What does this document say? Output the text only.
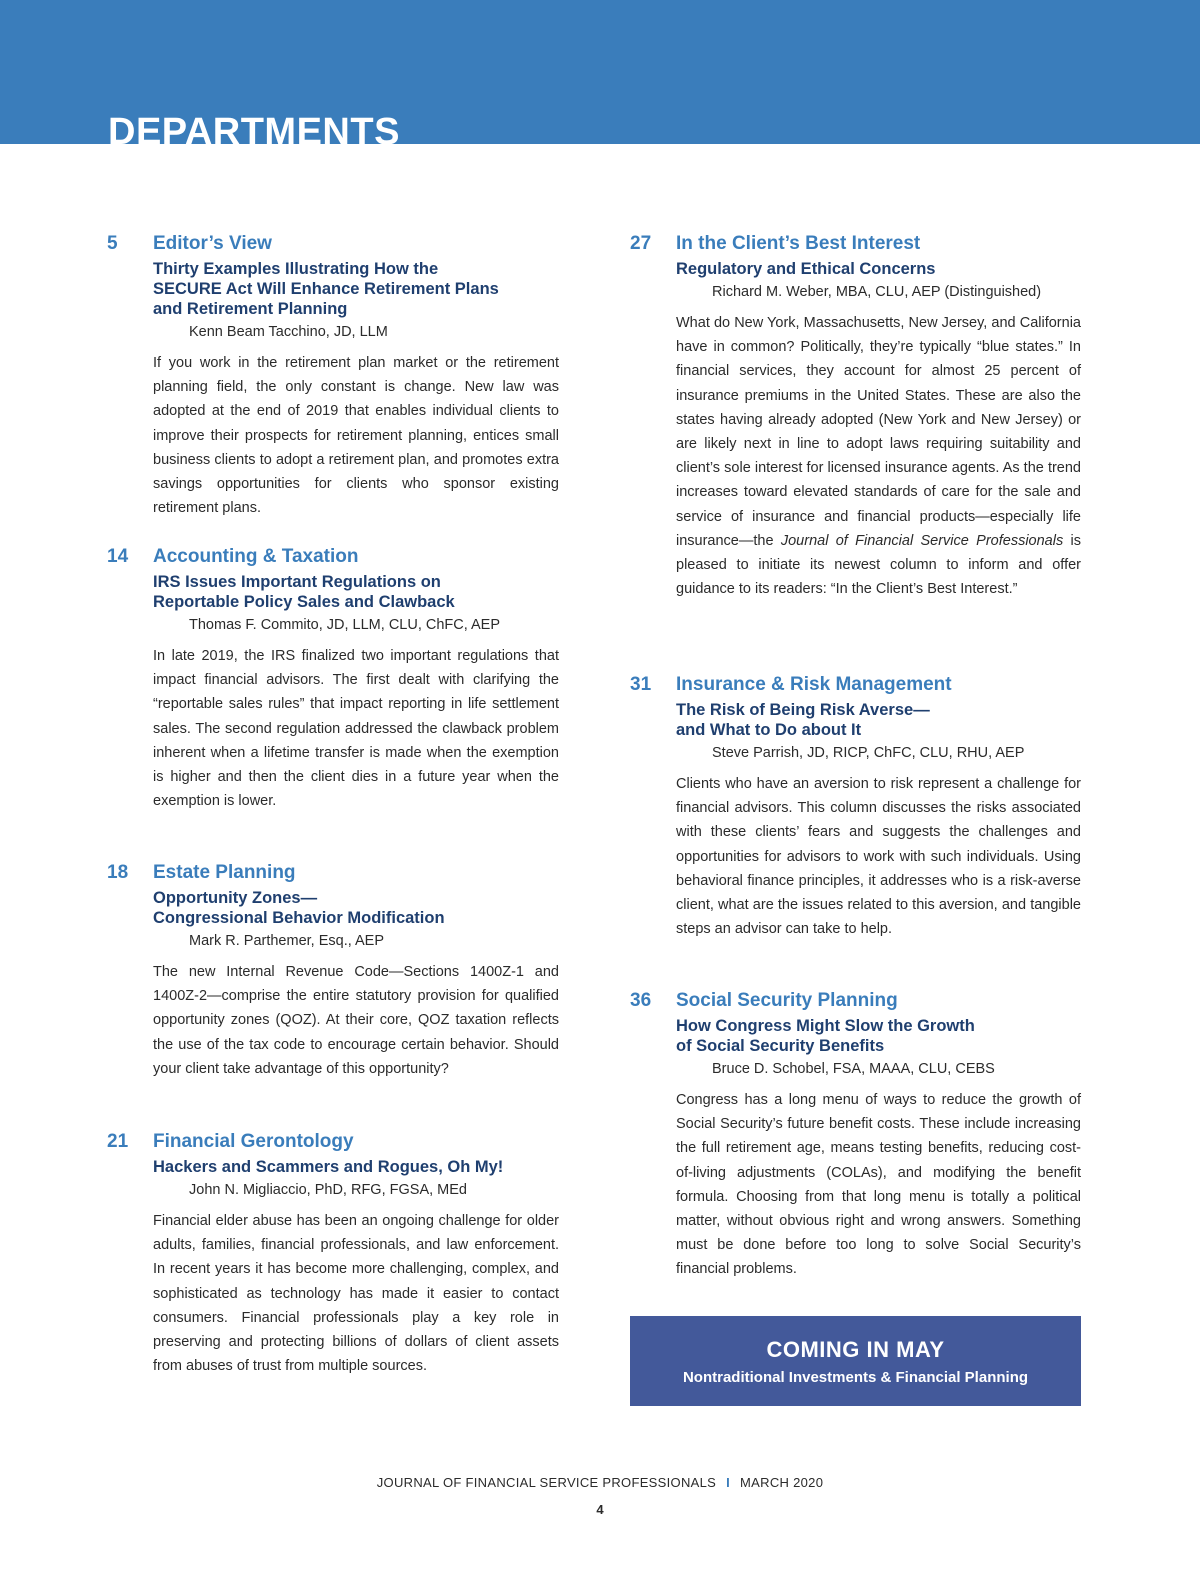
DEPARTMENTS
5	Editor’s View
Thirty Examples Illustrating How the
SECURE Act Will Enhance Retirement Plans
and Retirement Planning
Kenn Beam Tacchino, JD, LLM

If you work in the retirement plan market or the retirement planning field, the only constant is change. New law was adopted at the end of 2019 that enables individual clients to improve their prospects for retirement planning, entices small business clients to adopt a retirement plan, and promotes extra savings opportunities for clients who sponsor existing retirement plans.

14	Accounting & Taxation
IRS Issues Important Regulations on
Reportable Policy Sales and Clawback
Thomas F. Commito, JD, LLM, CLU, ChFC, AEP

In late 2019, the IRS finalized two important regulations that impact financial advisors. The first dealt with clarifying the “reportable sales rules” that impact reporting in life settlement sales. The second regulation addressed the clawback problem inherent when a lifetime transfer is made when the exemption is higher and then the client dies in a future year when the exemption is lower.

18	Estate Planning
Opportunity Zones—
Congressional Behavior Modification
Mark R. Parthemer, Esq., AEP

The new Internal Revenue Code—Sections 1400Z-1 and 1400Z-2—comprise the entire statutory provision for qualified opportunity zones (QOZ). At their core, QOZ taxation reflects the use of the tax code to encourage certain behavior. Should your client take advantage of this opportunity?

21	Financial Gerontology
Hackers and Scammers and Rogues, Oh My!
John N. Migliaccio, PhD, RFG, FGSA, MEd

Financial elder abuse has been an ongoing challenge for older adults, families, financial professionals, and law enforcement. In recent years it has become more challenging, complex, and sophisticated as technology has made it easier to contact consumers. Financial professionals play a key role in preserving and protecting billions of dollars of client assets from abuses of trust from multiple sources.

27	In the Client’s Best Interest
Regulatory and Ethical Concerns
Richard M. Weber, MBA, CLU, AEP (Distinguished)

What do New York, Massachusetts, New Jersey, and California have in common? Politically, they’re typically “blue states.” In financial services, they account for almost 25 percent of insurance premiums in the United States. These are also the states having already adopted (New York and New Jersey) or are likely next in line to adopt laws requiring suitability and client’s sole interest for licensed insurance agents. As the trend increases toward elevated standards of care for the sale and service of insurance and financial products—especially life insurance—the Journal of Financial Service Professionals is pleased to initiate its newest column to inform and offer guidance to its readers: “In the Client’s Best Interest.”

31	Insurance & Risk Management
The Risk of Being Risk Averse—
and What to Do about It
Steve Parrish, JD, RICP, ChFC, CLU, RHU, AEP

Clients who have an aversion to risk represent a challenge for financial advisors. This column discusses the risks associated with these clients’ fears and suggests the challenges and opportunities for advisors to work with such individuals. Using behavioral finance principles, it addresses who is a risk-averse client, what are the issues related to this aversion, and tangible steps an advisor can take to help.

36	Social Security Planning
How Congress Might Slow the Growth
of Social Security Benefits
Bruce D. Schobel, FSA, MAAA, CLU, CEBS

Congress has a long menu of ways to reduce the growth of Social Security’s future benefit costs. These include increasing the full retirement age, means testing benefits, reducing cost-of-living adjustments (COLAs), and modifying the benefit formula. Choosing from that long menu is totally a political matter, without obvious right and wrong answers. Something must be done before too long to solve Social Security’s financial problems.

COMING IN MAY
Nontraditional Investments & Financial Planning
JOURNAL OF FINANCIAL SERVICE PROFESSIONALS I MARCH 2020
4
